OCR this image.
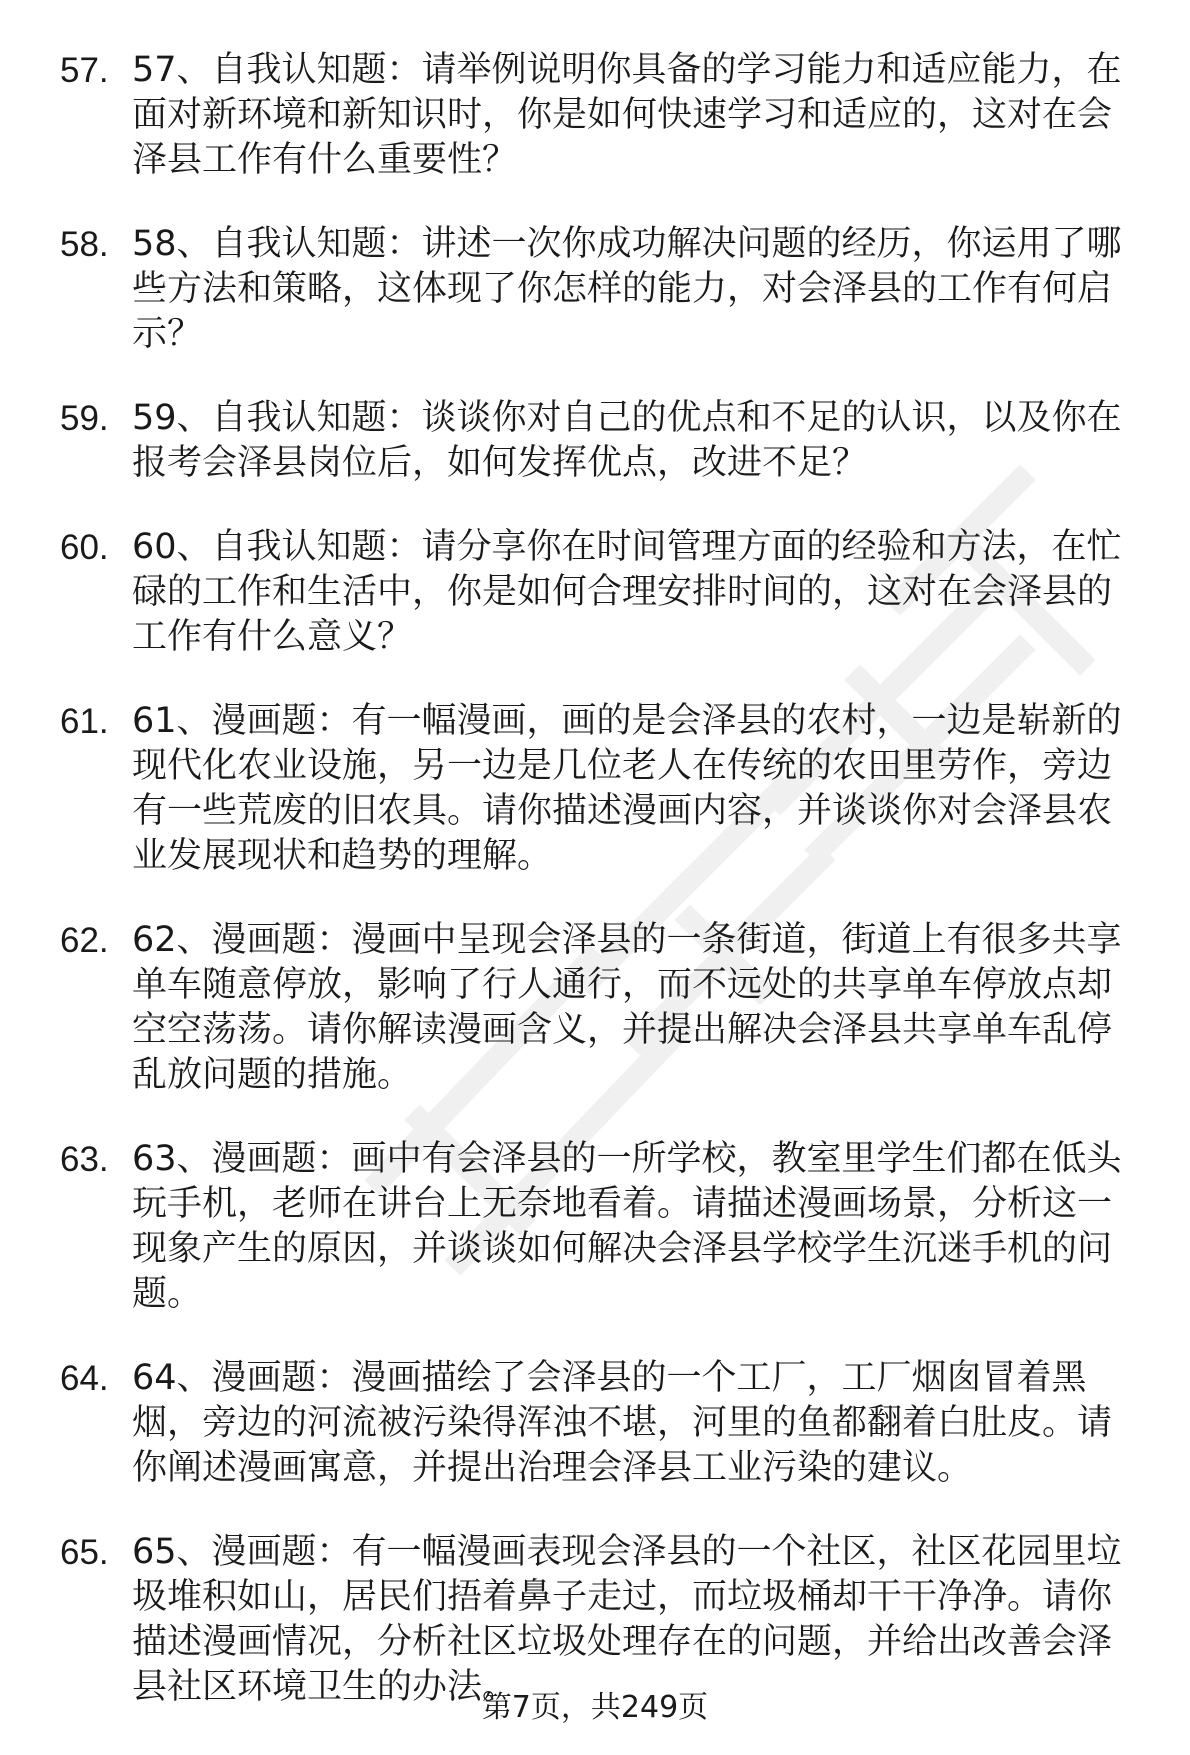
57. 57、自我认知题：请举例说明你具备的学习能力和适应能力，在面对新环境和新知识时，你是如何快速学习和适应的，这对在会泽县工作有什么重要性？
58. 58、自我认知题：讲述一次你成功解决问题的经历，你运用了哪些方法和策略，这体现了你怎样的能力，对会泽县的工作有何启示？
59. 59、自我认知题：谈谈你对自己的优点和不足的认识，以及你在报考会泽县岗位后，如何发挥优点，改进不足？
60. 60、自我认知题：请分享你在时间管理方面的经验和方法，在忙碌的工作和生活中，你是如何合理安排时间的，这对在会泽县的工作有什么意义？
61. 61、漫画题：有一幅漫画，画的是会泽县的农村，一边是崭新的现代化农业设施，另一边是几位老人在传统的农田里劳作，旁边有一些荒废的旧农具。请你描述漫画内容，并谈谈你对会泽县农业发展现状和趋势的理解。
62. 62、漫画题：漫画中呈现会泽县的一条街道，街道上有很多共享单车随意停放，影响了行人通行，而不远处的共享单车停放点却空空荡荡。请你解读漫画含义，并提出解决会泽县共享单车乱停乱放问题的措施。
63. 63、漫画题：画中有会泽县的一所学校，教室里学生们都在低头玩手机，老师在讲台上无奈地看着。请描述漫画场景，分析这一现象产生的原因，并谈谈如何解决会泽县学校学生沉迷手机的问题。
64. 64、漫画题：漫画描绘了会泽县的一个工厂，工厂烟囱冒着黑烟，旁边的河流被污染得浑浊不堪，河里的鱼都翻着白肚皮。请你阐述漫画寓意，并提出治理会泽县工业污染的建议。
65. 65、漫画题：有一幅漫画表现会泽县的一个社区，社区花园里垃圾堆积如山，居民们捂着鼻子走过，而垃圾桶却干干净净。请你描述漫画情况，分析社区垃圾处理存在的问题，并给出改善会泽县社区环境卫生的办法。
第7页，共249页
